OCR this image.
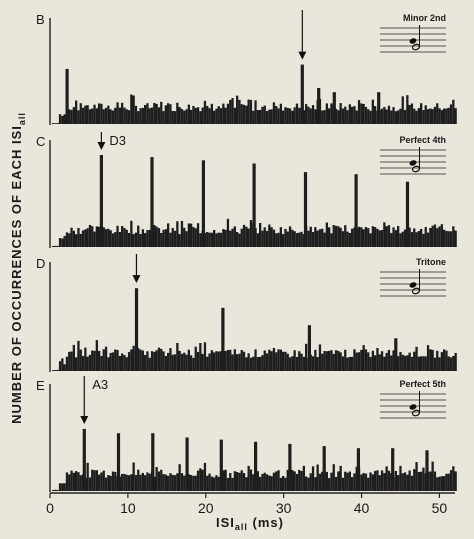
B	Minor 2nd
C	Perfect 4th
D3
D	Tritone
E	Perfect 5th
A3
0	10	20	30	40	50
$ISI_{all}$ (ms)
NUMBER OF OCCURRENCES OF EACH $ISI_{all}$
